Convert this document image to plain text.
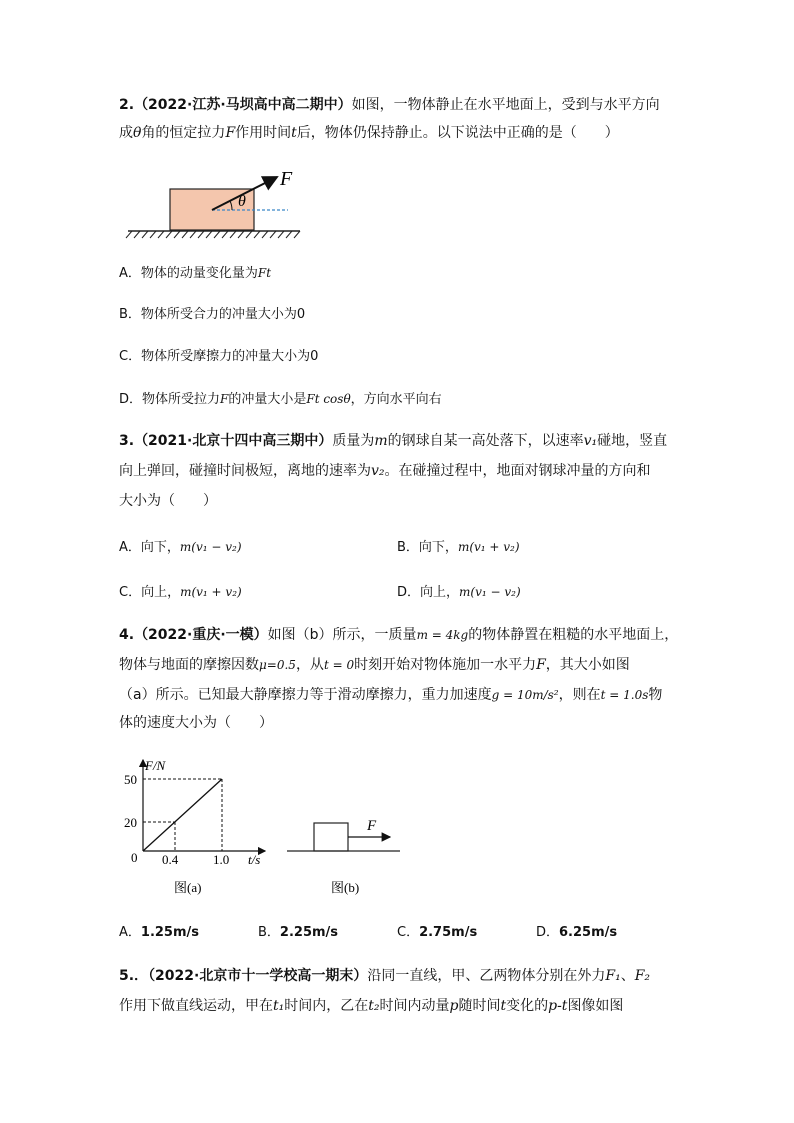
2.（2022·江苏·马坝高中高二期中）如图，一物体静止在水平地面上，受到与水平方向
成θ角的恒定拉力F作用时间t后，物体仍保持静止。以下说法中正确的是（　　）
θ
F
A．物体的动量变化量为Ft
B．物体所受合力的冲量大小为0
C．物体所受摩擦力的冲量大小为0
D．物体所受拉力F的冲量大小是Ft cosθ，方向水平向右
3.（2021·北京十四中高三期中）质量为m的钢球自某一高处落下，以速率v₁碰地，竖直
向上弹回，碰撞时间极短，离地的速率为v₂。在碰撞过程中，地面对钢球冲量的方向和
大小为（　　）
A．向下，m(v₁ − v₂)	B．向下，m(v₁ + v₂)
C．向上，m(v₁ + v₂)	D．向上，m(v₁ − v₂)
4.（2022·重庆·一模）如图（b）所示，一质量m = 4kg的物体静置在粗糙的水平地面上，
物体与地面的摩擦因数μ=0.5，从t = 0时刻开始对物体施加一水平力F，其大小如图
（a）所示。已知最大静摩擦力等于滑动摩擦力，重力加速度g = 10m/s²，则在t = 1.0s物
体的速度大小为（　　）
F/N
50
20
0 0.4	1.0 t/s
图(a)
F
图(b)
A．1.25m/s	B．2.25m/s	C．2.75m/s	D．6.25m/s
5.．（2022·北京市十一学校高一期末）沿同一直线，甲、乙两物体分别在外力F₁、F₂
作用下做直线运动，甲在t₁时间内，乙在t₂时间内动量p随时间t变化的p-t图像如图
